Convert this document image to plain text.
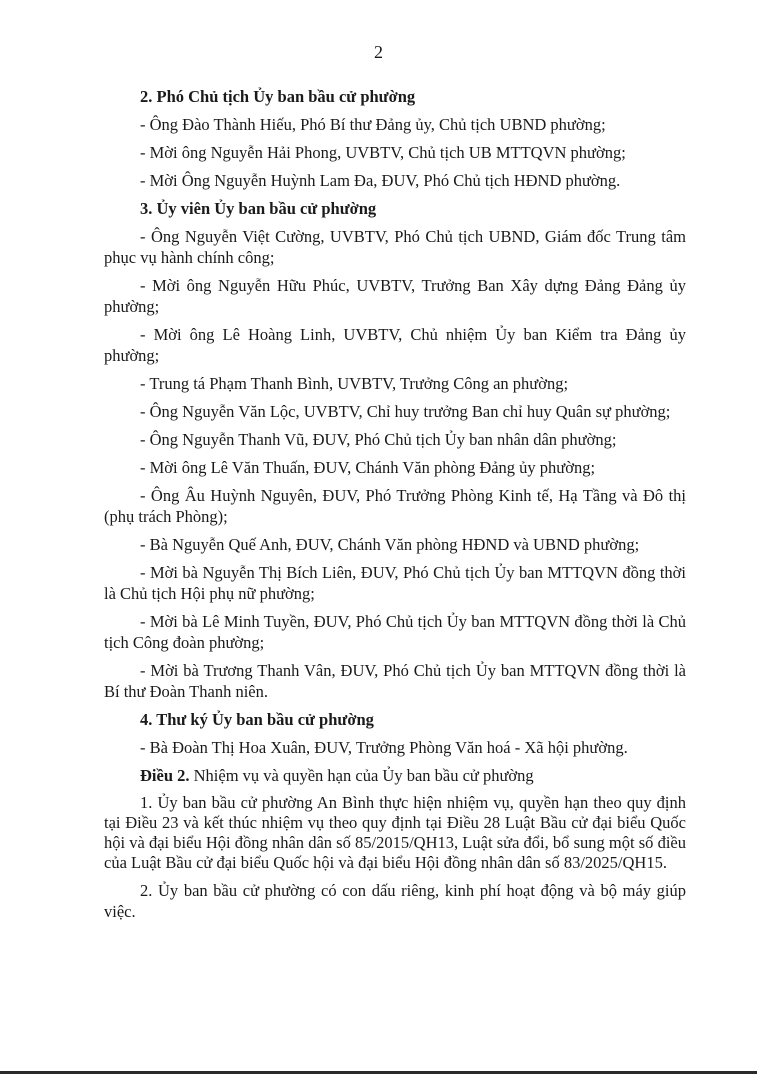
2

2. Phó Chủ tịch Ủy ban bầu cử phường

- Ông Đào Thành Hiếu, Phó Bí thư Đảng ủy, Chủ tịch UBND phường;

- Mời ông Nguyễn Hải Phong, UVBTV, Chủ tịch UB MTTQVN phường;

- Mời Ông Nguyễn Huỳnh Lam Đa, ĐUV, Phó Chủ tịch HĐND phường.

3. Ủy viên Ủy ban bầu cử phường

- Ông Nguyễn Việt Cường, UVBTV, Phó Chủ tịch UBND, Giám đốc Trung tâm phục vụ hành chính công;

- Mời ông Nguyễn Hữu Phúc, UVBTV, Trưởng Ban Xây dựng Đảng Đảng ủy phường;

- Mời ông Lê Hoàng Linh, UVBTV, Chủ nhiệm Ủy ban Kiểm tra Đảng ủy phường;

- Trung tá Phạm Thanh Bình, UVBTV, Trưởng Công an phường;

- Ông Nguyễn Văn Lộc, UVBTV, Chỉ huy trưởng Ban chỉ huy Quân sự phường;

- Ông Nguyễn Thanh Vũ, ĐUV, Phó Chủ tịch Ủy ban nhân dân phường;

- Mời ông Lê Văn Thuấn, ĐUV, Chánh Văn phòng Đảng ủy phường;

- Ông Âu Huỳnh Nguyên, ĐUV, Phó Trưởng Phòng Kinh tế, Hạ Tầng và Đô thị (phụ trách Phòng);

- Bà Nguyễn Quế Anh, ĐUV, Chánh Văn phòng HĐND và UBND phường;

- Mời bà Nguyễn Thị Bích Liên, ĐUV, Phó Chủ tịch Ủy ban MTTQVN đồng thời là Chủ tịch Hội phụ nữ phường;

- Mời bà Lê Minh Tuyền, ĐUV, Phó Chủ tịch Ủy ban MTTQVN đồng thời là Chủ tịch Công đoàn phường;

- Mời bà Trương Thanh Vân, ĐUV, Phó Chủ tịch Ủy ban MTTQVN đồng thời là Bí thư Đoàn Thanh niên.

4. Thư ký Ủy ban bầu cử phường

- Bà Đoàn Thị Hoa Xuân, ĐUV, Trưởng Phòng Văn hoá - Xã hội phường.

Điều 2. Nhiệm vụ và quyền hạn của Ủy ban bầu cử phường

1. Ủy ban bầu cử phường An Bình thực hiện nhiệm vụ, quyền hạn theo quy định tại Điều 23 và kết thúc nhiệm vụ theo quy định tại Điều 28 Luật Bầu cử đại biểu Quốc hội và đại biểu Hội đồng nhân dân số 85/2015/QH13, Luật sửa đổi, bổ sung một số điều của Luật Bầu cử đại biểu Quốc hội và đại biểu Hội đồng nhân dân số 83/2025/QH15.

2. Ủy ban bầu cử phường có con dấu riêng, kinh phí hoạt động và bộ máy giúp việc.
